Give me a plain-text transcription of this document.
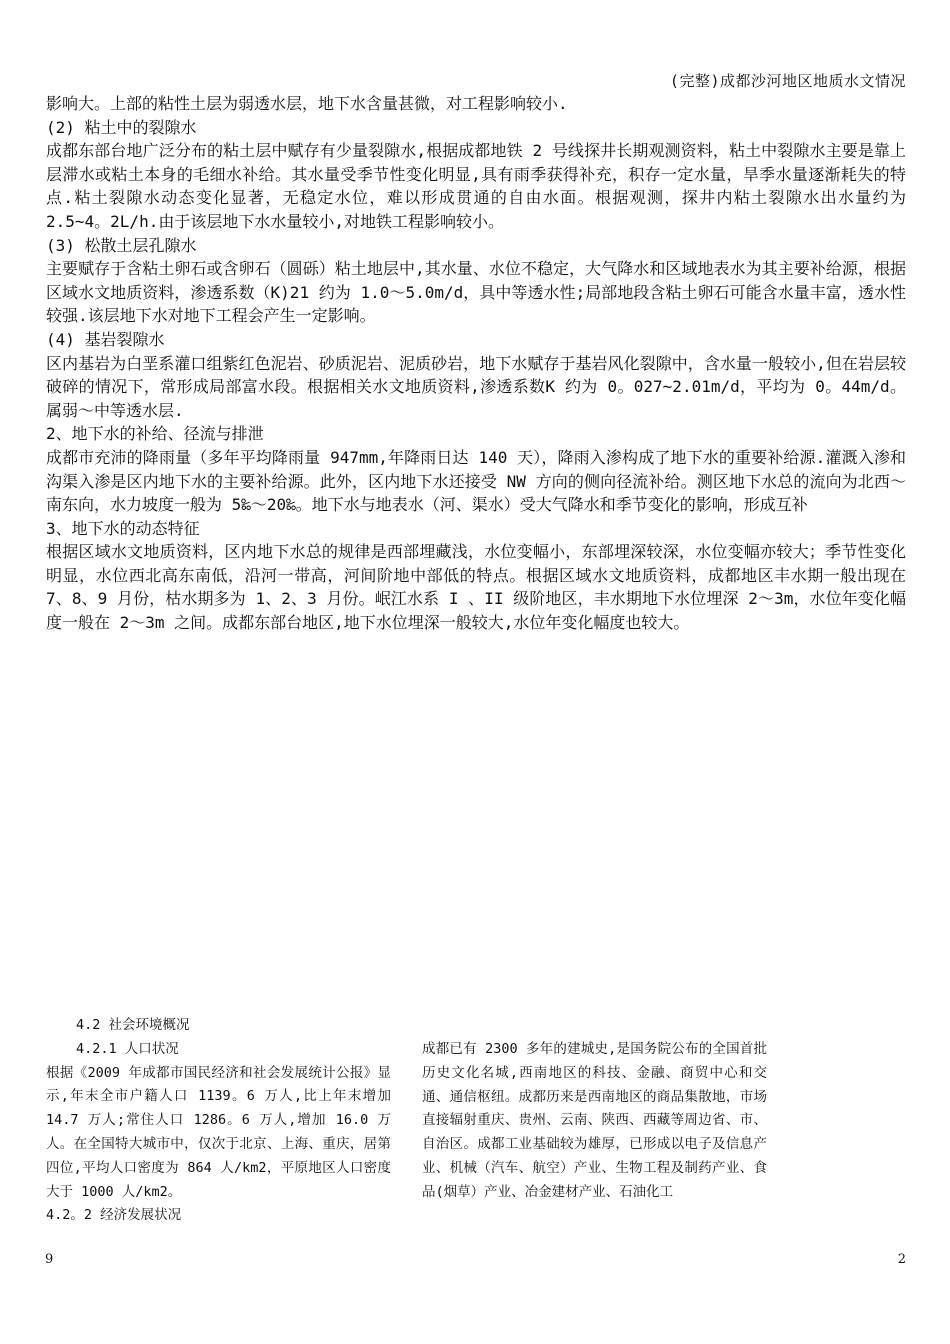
(完整)成都沙河地区地质水文情况

影响大。上部的粘性土层为弱透水层，地下水含量甚微，对工程影响较小.

(2) 粘土中的裂隙水

成都东部台地广泛分布的粘土层中赋存有少量裂隙水,根据成都地铁 2 号线探井长期观测资料，粘土中裂隙水主要是靠上层滞水或粘土本身的毛细水补给。其水量受季节性变化明显,具有雨季获得补充，积存一定水量，旱季水量逐渐耗失的特点.粘土裂隙水动态变化显著，无稳定水位，难以形成贯通的自由水面。根据观测，探井内粘土裂隙水出水量约为 2.5~4。2L/h.由于该层地下水水量较小,对地铁工程影响较小。

(3) 松散土层孔隙水

主要赋存于含粘土卵石或含卵石（圆砾）粘土地层中,其水量、水位不稳定，大气降水和区域地表水为其主要补给源，根据区域水文地质资料，渗透系数（K)21 约为 1.0～5.0m/d，具中等透水性;局部地段含粘土卵石可能含水量丰富，透水性 较强.该层地下水对地下工程会产生一定影响。

(4) 基岩裂隙水

区内基岩为白垩系灌口组紫红色泥岩、砂质泥岩、泥质砂岩，地下水赋存于基岩风化裂隙中，含水量一般较小,但在岩层较破碎的情况下，常形成局部富水段。根据相关水文地质资料,渗透系数K 约为 0。027~2.01m/d，平均为 0。44m/d。属弱～中等透水层.

2、地下水的补给、径流与排泄

成都市充沛的降雨量（多年平均降雨量 947mm,年降雨日达 140 天），降雨入渗构成了地下水的重要补给源.灌溉入渗和沟渠入渗是区内地下水的主要补给源。此外，区内地下水还接受 NW 方向的侧向径流补给。测区地下水总的流向为北西～南东向，水力坡度一般为 5‰～20‰。地下水与地表水（河、渠水）受大气降水和季节变化的影响，形成互补

3、地下水的动态特征

根据区域水文地质资料，区内地下水总的规律是西部埋藏浅，水位变幅小，东部埋深较深，水位变幅亦较大；季节性变化明显，水位西北高东南低，沿河一带高，河间阶地中部低的特点。根据区域水文地质资料，成都地区丰水期一般出现在 7、8、9 月份，枯水期多为 1、2、3 月份。岷江水系 I 、II 级阶地区，丰水期地下水位埋深 2～3m，水位年变化幅度一般在 2～3m 之间。成都东部台地区,地下水位埋深一般较大,水位年变化幅度也较大。

4.2 社会环境概况

4.2.1 人口状况

根据《2009 年成都市国民经济和社会发展统计公报》显示,年末全市户籍人口 1139。6 万人,比上年末增加 14.7 万人;常住人口 1286。6 万人,增加 16.0 万人。在全国特大城市中，仅次于北京、上海、重庆，居第四位,平均人口密度为 864 人/km2，平原地区人口密度大于 1000 人/km2。

4.2。2 经济发展状况

成都已有 2300 多年的建城史,是国务院公布的全国首批历史文化名城,西南地区的科技、金融、商贸中心和交通、通信枢纽。成都历来是西南地区的商品集散地，市场直接辐射重庆、贵州、云南、陕西、西藏等周边省、市、自治区。成都工业基础较为雄厚，已形成以电子及信息产业、机械（汽车、航空）产业、生物工程及制药产业、食品(烟草）产业、冶金建材产业、石油化工

9	2
